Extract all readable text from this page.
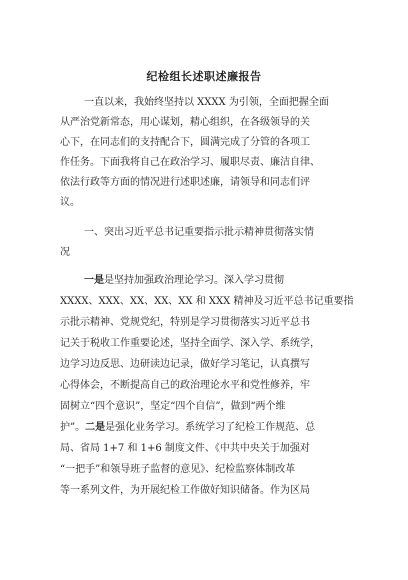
纪检组长述职述廉报告
一直以来，我始终坚持以 XXXX 为引领，全面把握全面
从严治党新常态，用心谋划，精心组织，在各级领导的关
心下，在同志们的支持配合下，圆满完成了分管的各项工
作任务。下面我将自己在政治学习、履职尽责、廉洁自律、
依法行政等方面的情况进行述职述廉，请领导和同志们评
议。
一、突出习近平总书记重要指示批示精神贯彻落实情
况
一是是坚持加强政治理论学习。深入学习贯彻
XXXX、XXX、XX、XX、XX 和 XXX 精神及习近平总书记重要指
示批示精神、党规党纪，特别是学习贯彻落实习近平总书
记关于税收工作重要论述，坚持全面学、深入学、系统学，
边学习边反思、边研读边记录，做好学习笔记，认真撰写
心得体会，不断提高自己的政治理论水平和党性修养，牢
固树立“四个意识”，坚定“四个自信”，做到“两个维
护”。二是是强化业务学习。系统学习了纪检工作规范、总
局、省局 1+7 和 1+6 制度文件、《中共中央关于加强对
“一把手”和领导班子监督的意见》、纪检监察体制改革
等一系列文件，为开展纪检工作做好知识储备。作为区局
